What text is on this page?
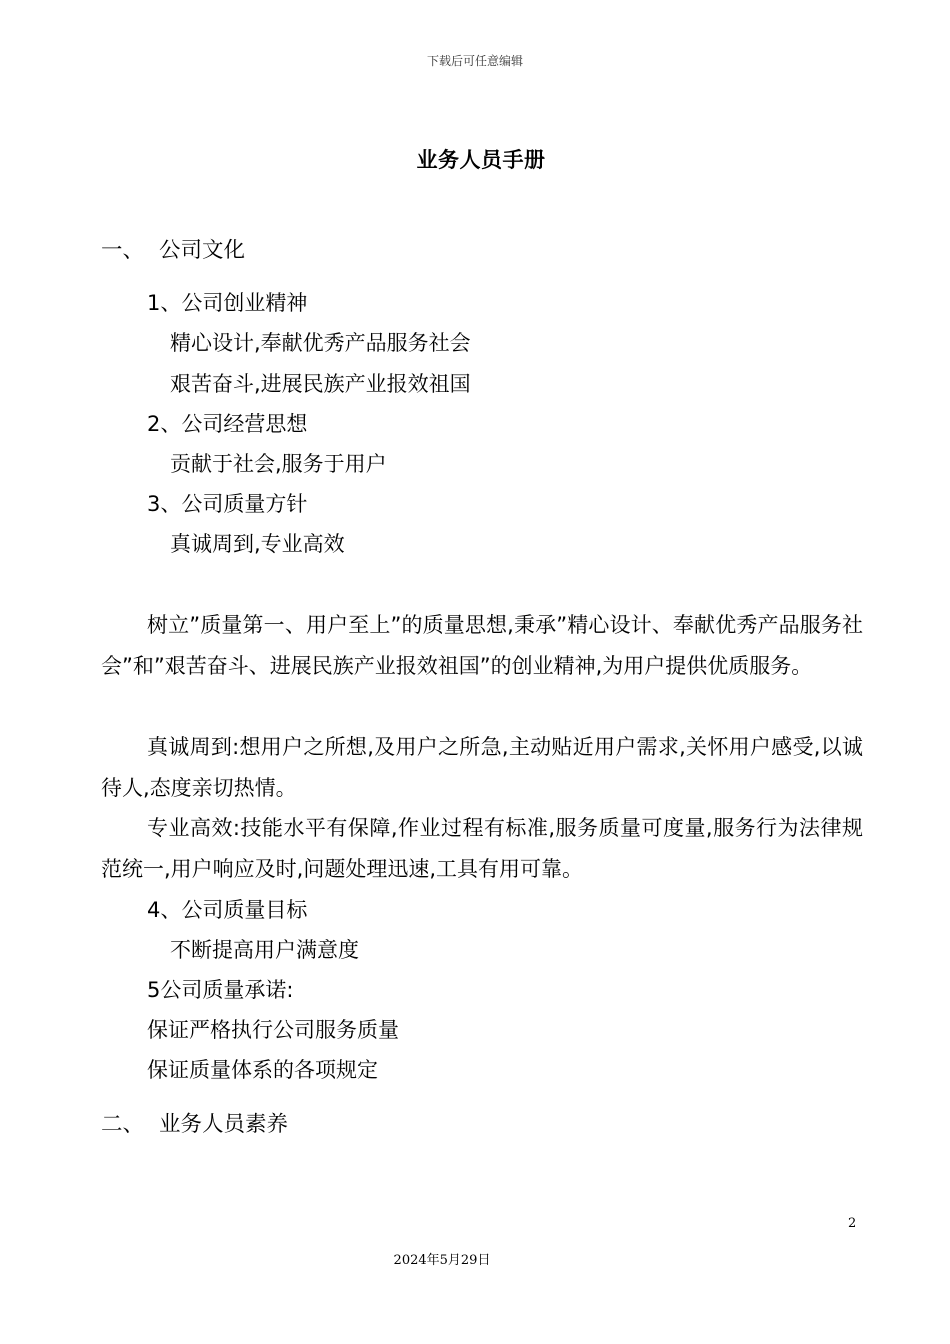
下载后可任意编辑
业务人员手册
一、 公司文化
1、公司创业精神
精心设计,奉献优秀产品服务社会
艰苦奋斗,进展民族产业报效祖国
2、公司经营思想
贡献于社会,服务于用户
3、公司质量方针
真诚周到,专业高效
树立”质量第一、用户至上”的质量思想,秉承”精心设计、奉献优秀产品服务社会”和”艰苦奋斗、进展民族产业报效祖国”的创业精神,为用户提供优质服务。
真诚周到:想用户之所想,及用户之所急,主动贴近用户需求,关怀用户感受,以诚待人,态度亲切热情。
专业高效:技能水平有保障,作业过程有标准,服务质量可度量,服务行为法律规范统一,用户响应及时,问题处理迅速,工具有用可靠。
4、公司质量目标
不断提高用户满意度
5公司质量承诺:
保证严格执行公司服务质量
保证质量体系的各项规定
二、 业务人员素养
2
2024年5月29日
